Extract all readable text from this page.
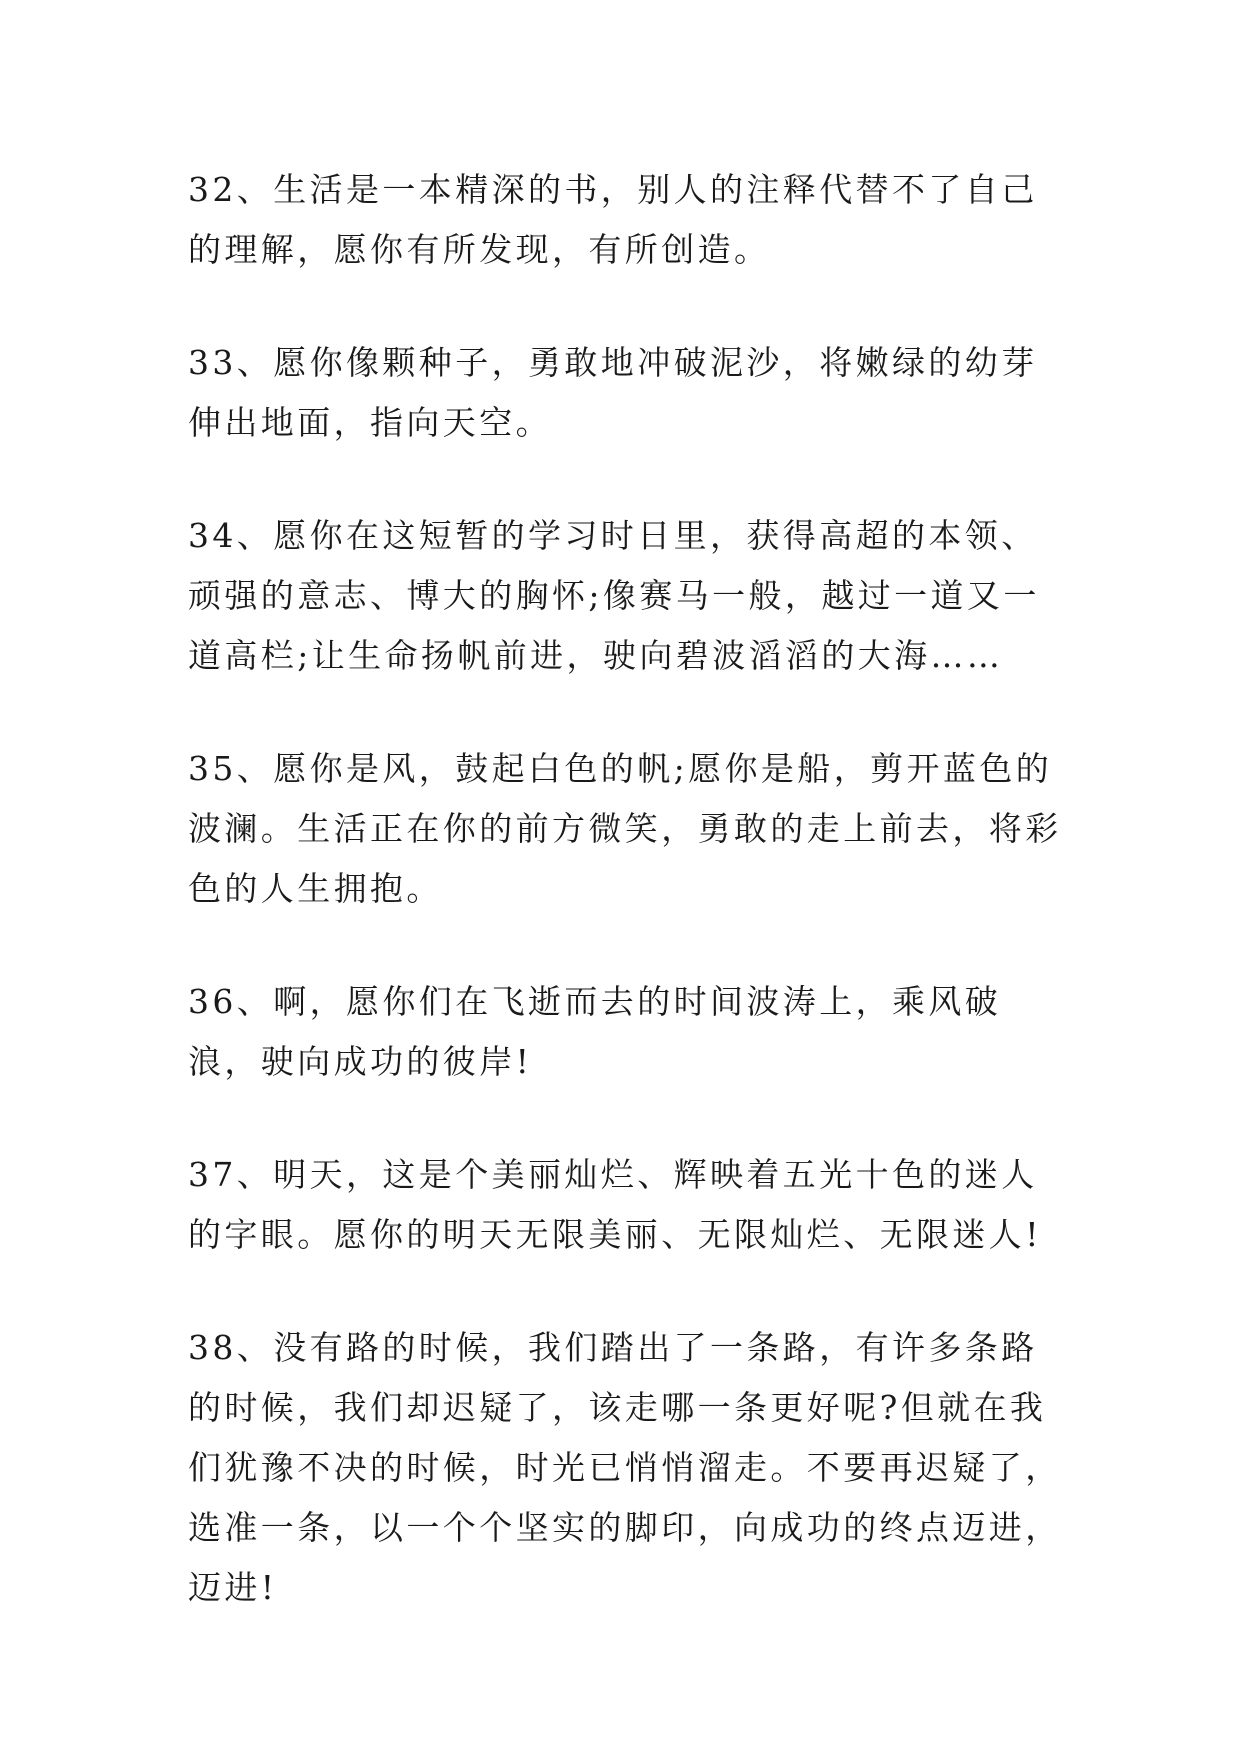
32、生活是一本精深的书，别人的注释代替不了自己的理解，愿你有所发现，有所创造。

33、愿你像颗种子，勇敢地冲破泥沙，将嫩绿的幼芽伸出地面，指向天空。

34、愿你在这短暂的学习时日里，获得高超的本领、顽强的意志、博大的胸怀;像赛马一般，越过一道又一道高栏;让生命扬帆前进，驶向碧波滔滔的大海……

35、愿你是风，鼓起白色的帆;愿你是船，剪开蓝色的波澜。生活正在你的前方微笑，勇敢的走上前去，将彩色的人生拥抱。

36、啊，愿你们在飞逝而去的时间波涛上，乘风破浪，驶向成功的彼岸!

37、明天，这是个美丽灿烂、辉映着五光十色的迷人的字眼。愿你的明天无限美丽、无限灿烂、无限迷人!

38、没有路的时候，我们踏出了一条路，有许多条路的时候，我们却迟疑了，该走哪一条更好呢?但就在我们犹豫不决的时候，时光已悄悄溜走。不要再迟疑了，选准一条，以一个个坚实的脚印，向成功的终点迈进，迈进!
